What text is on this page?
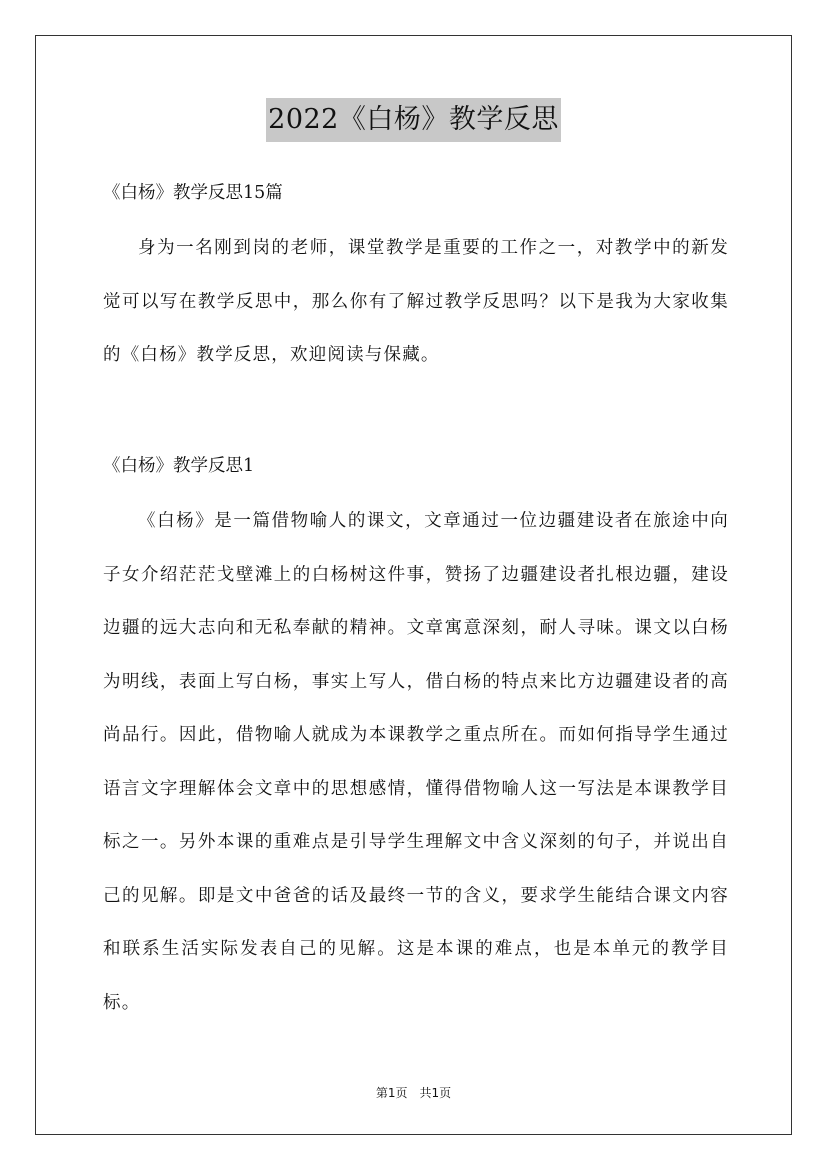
2022《白杨》教学反思
《白杨》教学反思15篇

身为一名刚到岗的老师，课堂教学是重要的工作之一，对教学中的新发觉可以写在教学反思中，那么你有了解过教学反思吗？以下是我为大家收集的《白杨》教学反思，欢迎阅读与保藏。

《白杨》教学反思1

《白杨》是一篇借物喻人的课文，文章通过一位边疆建设者在旅途中向子女介绍茫茫戈壁滩上的白杨树这件事，赞扬了边疆建设者扎根边疆，建设边疆的远大志向和无私奉献的精神。文章寓意深刻，耐人寻味。课文以白杨为明线，表面上写白杨，事实上写人，借白杨的特点来比方边疆建设者的高尚品行。因此，借物喻人就成为本课教学之重点所在。而如何指导学生通过语言文字理解体会文章中的思想感情，懂得借物喻人这一写法是本课教学目标之一。另外本课的重难点是引导学生理解文中含义深刻的句子，并说出自己的见解。即是文中爸爸的话及最终一节的含义，要求学生能结合课文内容和联系生活实际发表自己的见解。这是本课的难点，也是本单元的教学目标。

第1页　共1页
